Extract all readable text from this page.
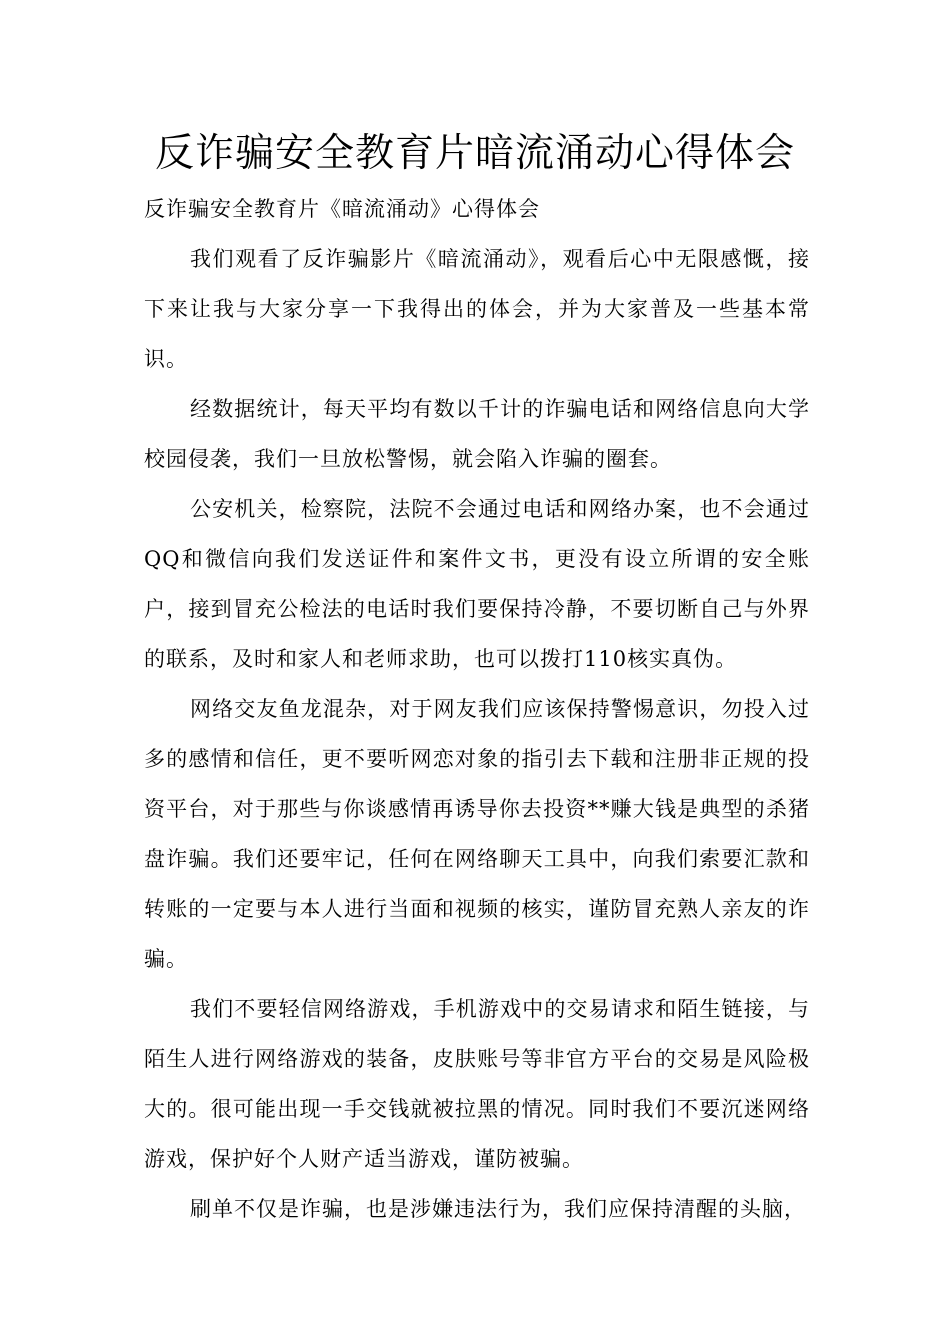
反诈骗安全教育片暗流涌动心得体会

反诈骗安全教育片《暗流涌动》心得体会

我们观看了反诈骗影片《暗流涌动》，观看后心中无限感慨，接下来让我与大家分享一下我得出的体会，并为大家普及一些基本常识。

经数据统计，每天平均有数以千计的诈骗电话和网络信息向大学校园侵袭，我们一旦放松警惕，就会陷入诈骗的圈套。

公安机关，检察院，法院不会通过电话和网络办案，也不会通过QQ和微信向我们发送证件和案件文书，更没有设立所谓的安全账户，接到冒充公检法的电话时我们要保持冷静，不要切断自己与外界的联系，及时和家人和老师求助，也可以拨打110核实真伪。

网络交友鱼龙混杂，对于网友我们应该保持警惕意识，勿投入过多的感情和信任，更不要听网恋对象的指引去下载和注册非正规的投资平台，对于那些与你谈感情再诱导你去投资**赚大钱是典型的杀猪盘诈骗。我们还要牢记，任何在网络聊天工具中，向我们索要汇款和转账的一定要与本人进行当面和视频的核实，谨防冒充熟人亲友的诈骗。

我们不要轻信网络游戏，手机游戏中的交易请求和陌生链接，与陌生人进行网络游戏的装备，皮肤账号等非官方平台的交易是风险极大的。很可能出现一手交钱就被拉黑的情况。同时我们不要沉迷网络游戏，保护好个人财产适当游戏，谨防被骗。

刷单不仅是诈骗，也是涉嫌违法行为，我们应保持清醒的头脑，
